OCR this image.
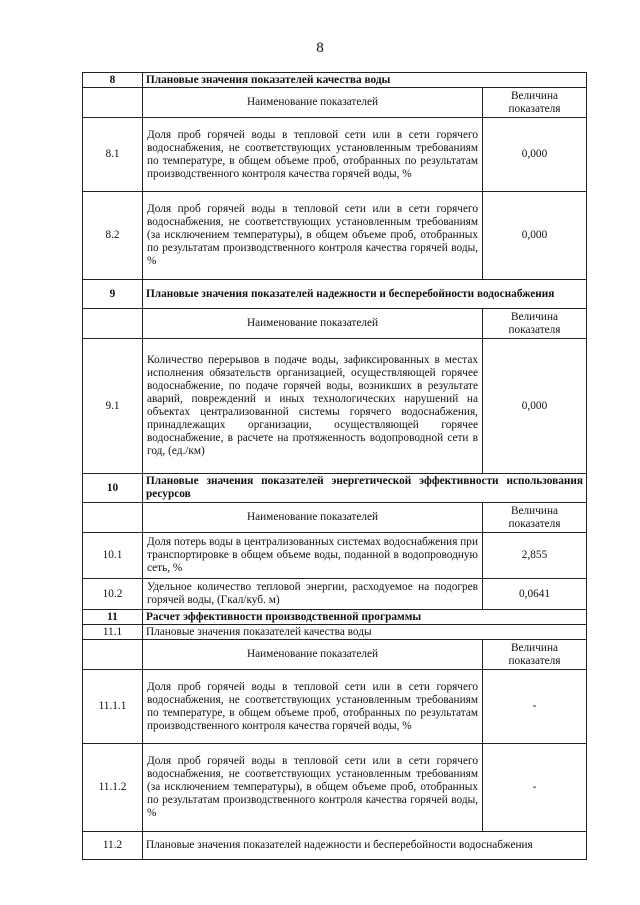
8
8	Плановые значения показателей качества воды	
	Наименование показателей	Величина показателя
8.1	Доля проб горячей воды в тепловой сети или в сети горячего водоснабжения, не соответствующих установленным требованиям по температуре, в общем объеме проб, отобранных по результатам производственного контроля качества горячей воды, %	0,000
8.2	Доля проб горячей воды в тепловой сети или в сети горячего водоснабжения, не соответствующих установленным требованиям (за исключением температуры), в общем объеме проб, отобранных по результатам производственного контроля качества горячей воды, %	0,000
9	Плановые значения показателей надежности и бесперебойности водоснабжения	
	Наименование показателей	Величина показателя
9.1	Количество перерывов в подаче воды, зафиксированных в местах исполнения обязательств организацией, осуществляющей горячее водоснабжение, по подаче горячей воды, возникших в результате аварий, повреждений и иных технологических нарушений на объектах централизованной системы горячего водоснабжения, принадлежащих организации, осуществляющей горячее водоснабжение, в расчете на протяженность водопроводной сети в год, (ед./км)	0,000
10	Плановые значения показателей энергетической эффективности использования ресурсов	
	Наименование показателей	Величина показателя
10.1	Доля потерь воды в централизованных системах водоснабжения при транспортировке в общем объеме воды, поданной в водопроводную сеть, %	2,855
10.2	Удельное количество тепловой энергии, расходуемое на подогрев горячей воды, (Гкал/куб. м)	0,0641
11	Расчет эффективности производственной программы	
11.1	Плановые значения показателей качества воды	
	Наименование показателей	Величина показателя
11.1.1	Доля проб горячей воды в тепловой сети или в сети горячего водоснабжения, не соответствующих установленным требованиям по температуре, в общем объеме проб, отобранных по результатам производственного контроля качества горячей воды, %	-
11.1.2	Доля проб горячей воды в тепловой сети или в сети горячего водоснабжения, не соответствующих установленным требованиям (за исключением температуры), в общем объеме проб, отобранных по результатам производственного контроля качества горячей воды, %	-
11.2	Плановые значения показателей надежности и бесперебойности водоснабжения	
